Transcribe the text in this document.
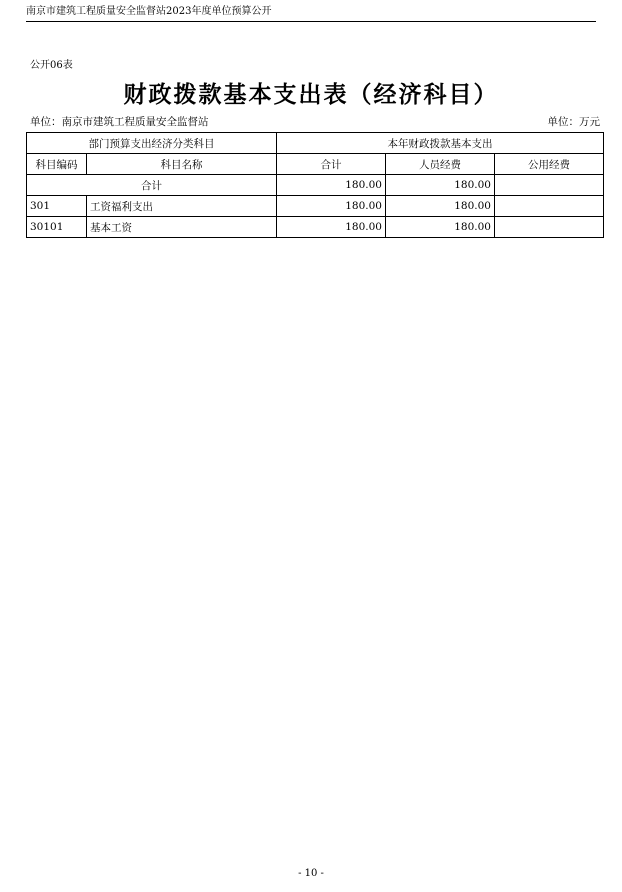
南京市建筑工程质量安全监督站2023年度单位预算公开
公开06表
财政拨款基本支出表（经济科目）
单位：南京市建筑工程质量安全监督站	单位：万元
部门预算支出经济分类科目		本年财政拨款基本支出		
科目编码	科目名称	合计	人员经费	公用经费
合计		180.00	180.00	
301	工资福利支出	180.00	180.00	
30101	基本工资	180.00	180.00	
- 10 -
